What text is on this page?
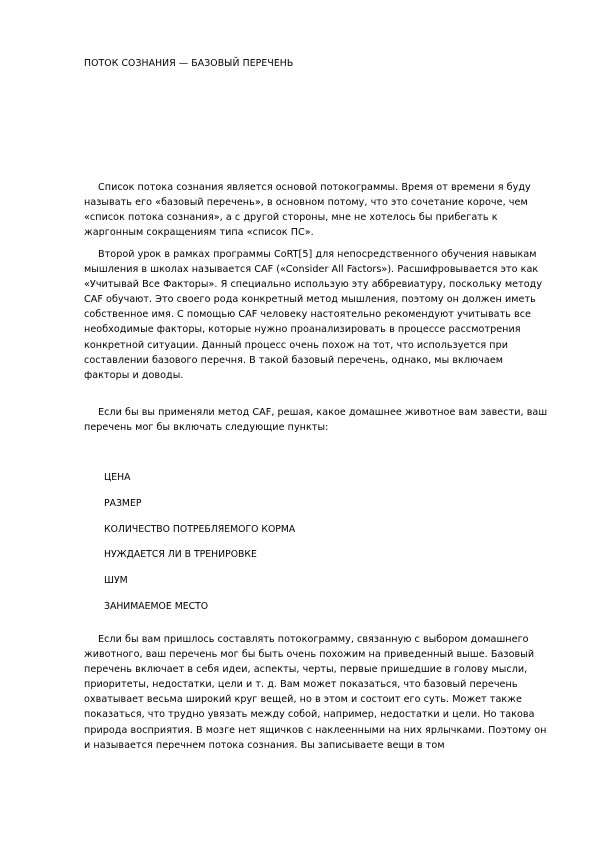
ПОТОК СОЗНАНИЯ — БАЗОВЫЙ ПЕРЕЧЕНЬ

Список потока сознания является основой потокограммы. Время от времени я буду называть его «базовый перечень», в основном потому, что это сочетание короче, чем «список потока сознания», а с другой стороны, мне не хотелось бы прибегать к жаргонным сокращениям типа «список ПС».

Второй урок в рамках программы CoRT[5] для непосредственного обучения навыкам мышления в школах называется CAF («Consider All Factors»). Расшифровывается это как «Учитывай Все Факторы». Я специально использую эту аббревиатуру, поскольку методу CAF обучают. Это своего рода конкретный метод мышления, поэтому он должен иметь собственное имя. С помощью CAF человеку настоятельно рекомендуют учитывать все необходимые факторы, которые нужно проанализировать в процессе рассмотрения конкретной ситуации. Данный процесс очень похож на тот, что используется при составлении базового перечня. В такой базовый перечень, однако, мы включаем факторы и доводы.

Если бы вы применяли метод CAF, решая, какое домашнее животное вам завести, ваш перечень мог бы включать следующие пункты:

ЦЕНА
РАЗМЕР
КОЛИЧЕСТВО ПОТРЕБЛЯЕМОГО КОРМА
НУЖДАЕТСЯ ЛИ В ТРЕНИРОВКЕ
ШУМ
ЗАНИМАЕМОЕ МЕСТО

Если бы вам пришлось составлять потокограмму, связанную с выбором домашнего животного, ваш перечень мог бы быть очень похожим на приведенный выше. Базовый перечень включает в себя идеи, аспекты, черты, первые пришедшие в голову мысли, приоритеты, недостатки, цели и т. д. Вам может показаться, что базовый перечень охватывает весьма широкий круг вещей, но в этом и состоит его суть. Может также показаться, что трудно увязать между собой, например, недостатки и цели. Но такова природа восприятия. В мозге нет ящичков с наклеенными на них ярлычками. Поэтому он и называется перечнем потока сознания. Вы записываете вещи в том
